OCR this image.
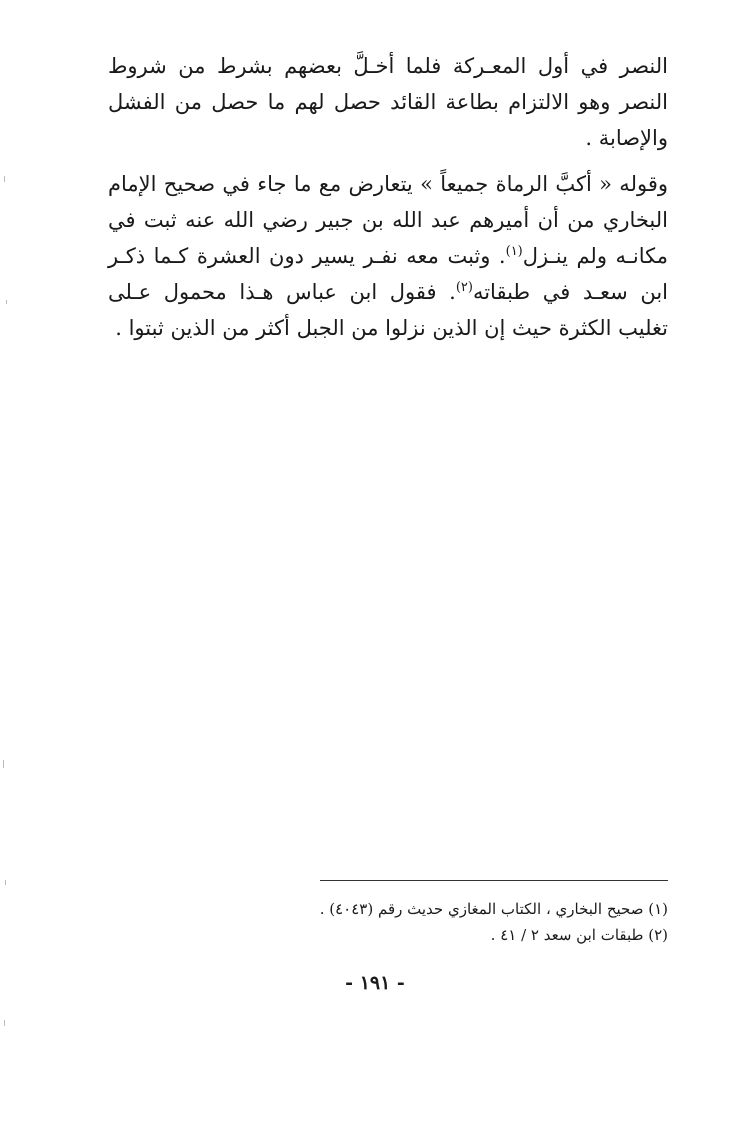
النصر في أول المعـركة فلما أخـلَّ بعضهم بشرط من شروط النصر وهو الالتزام بطاعة القائد حصل لهم ما حصل من الفشل والإصابة .

وقوله « أكبَّ الرماة جميعاً » يتعارض مع ما جاء في صحيح الإمام البخاري من أن أميرهم عبد الله بن جبير رضي الله عنه ثبت في مكانـه ولم ينـزل$^{(١)}$. وثبت معه نفـر يسير دون العشرة كـما ذكـر ابن سعـد في طبقاته$^{(٢)}$. فقول ابن عباس هـذا محمول عـلى تغليب الكثرة حيث إن الذين نزلوا من الجبل أكثر من الذين ثبتوا .

(١) صحيح البخاري ، الكتاب المغازي حديث رقم (٤٠٤٣) .

(٢) طبقات ابن سعد ٢ / ٤١ .

- ١٩١ -
